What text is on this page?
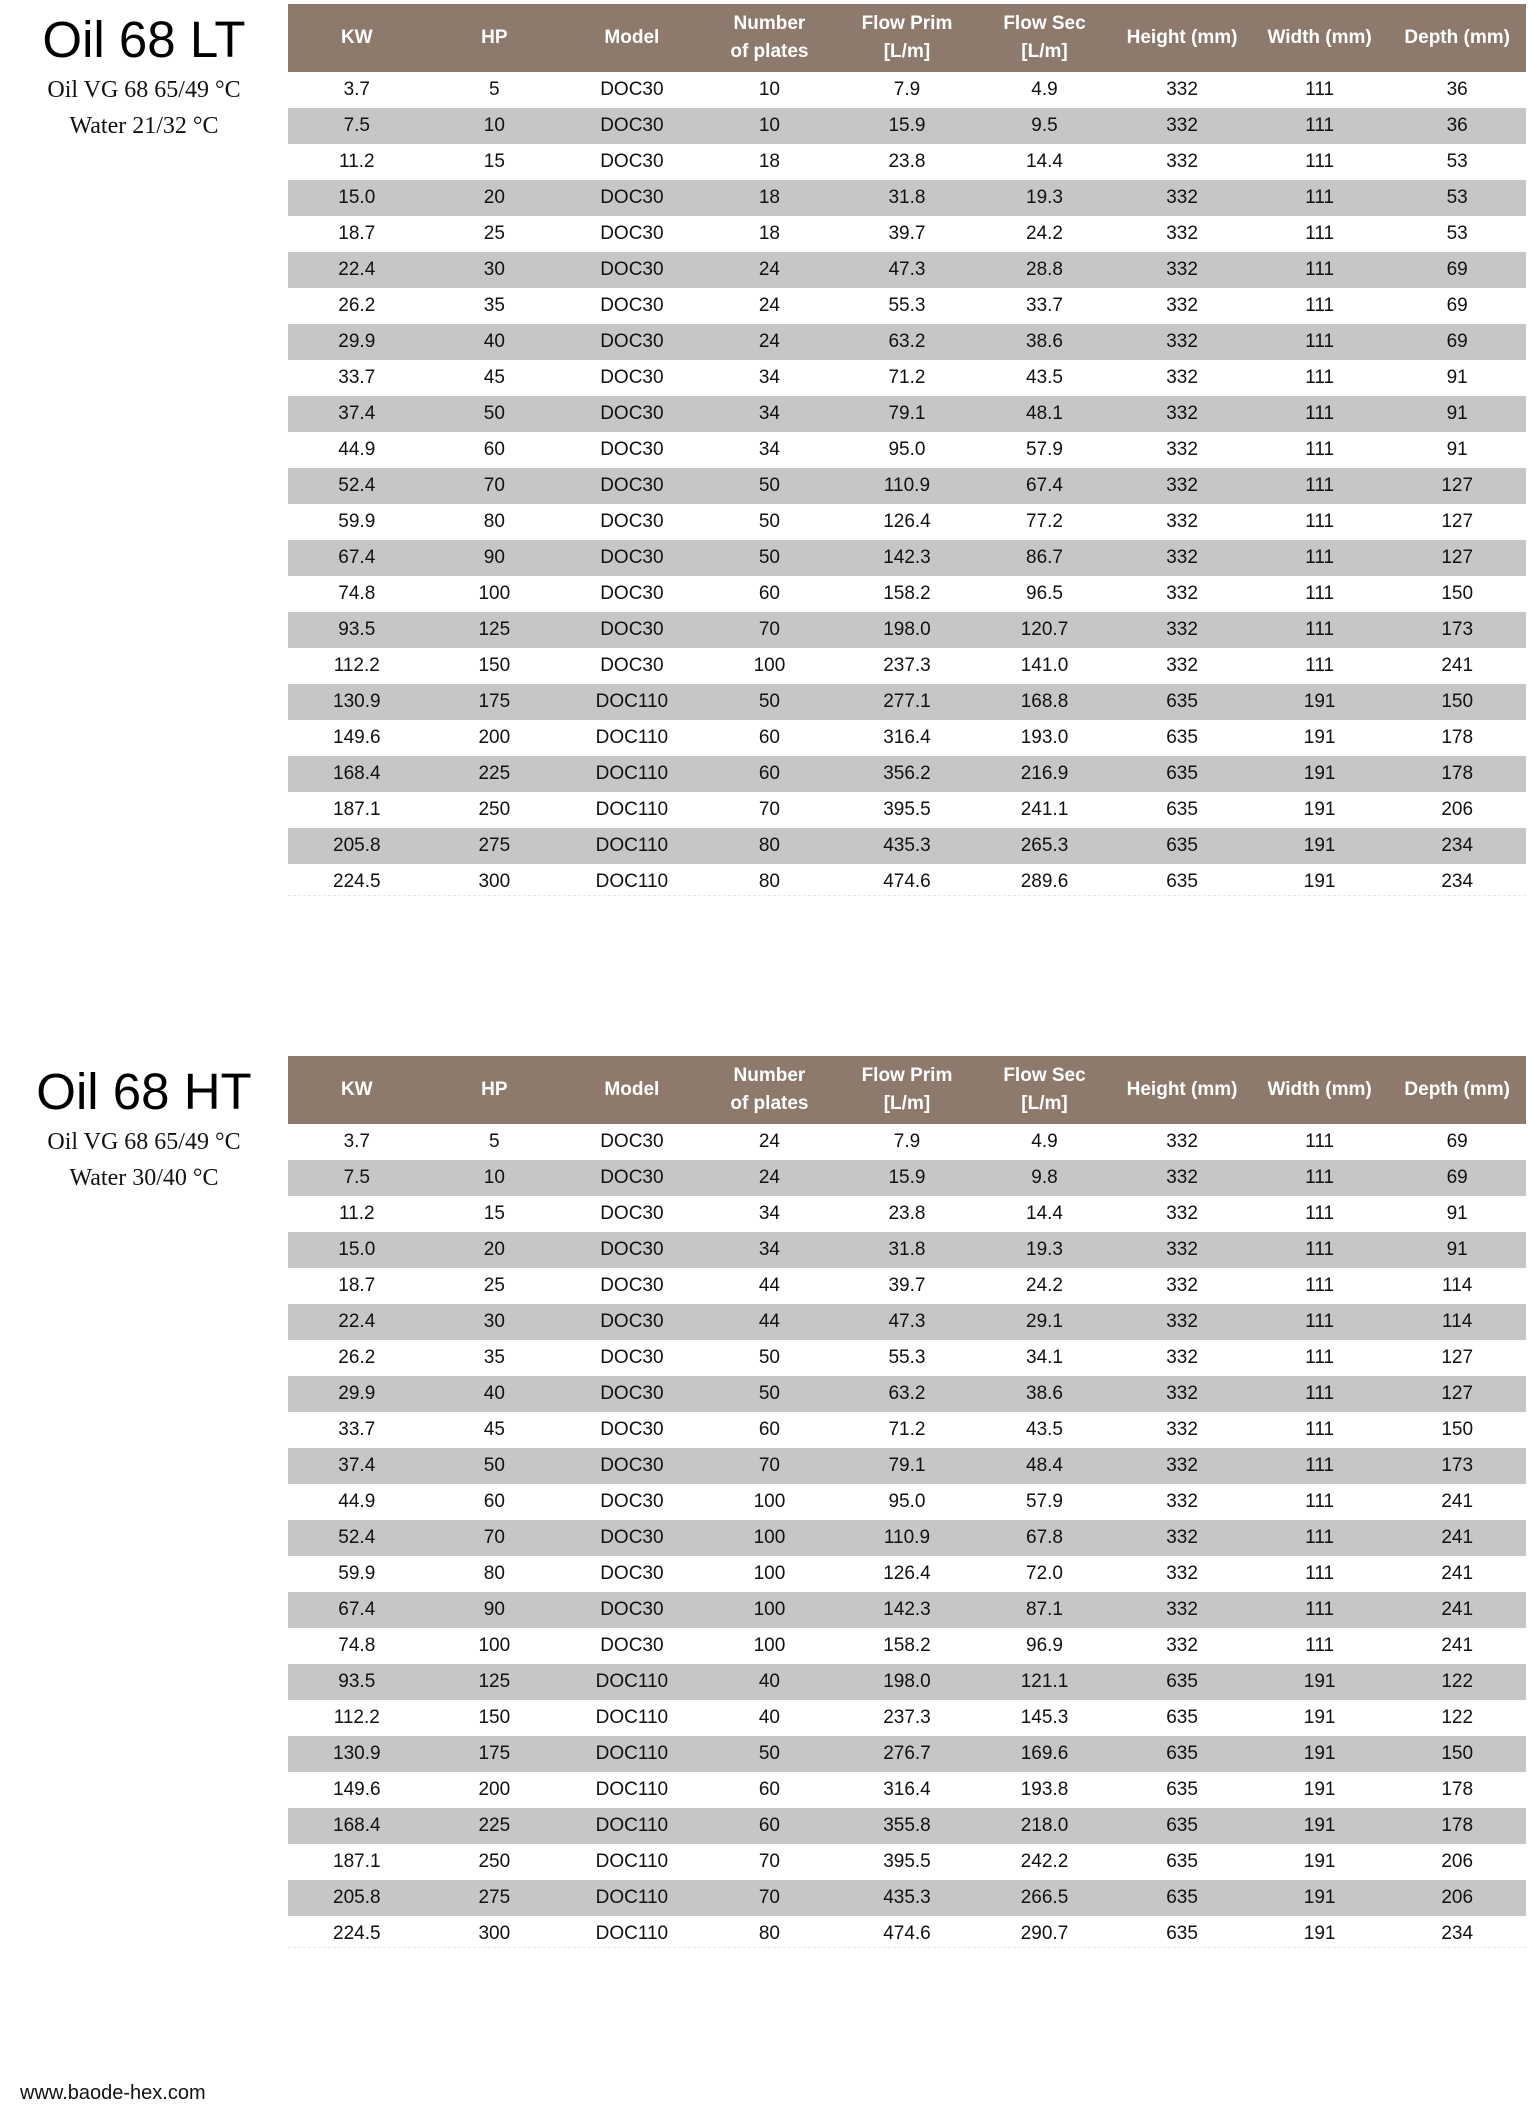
Oil 68 LT
Oil VG 68 65/49 °C
Water 21/32 °C
KW	HP	Model	Number of plates	Flow Prim [L/m]	Flow Sec [L/m]	Height (mm)	Width (mm)	Depth (mm)
3.7	5	DOC30	10	7.9	4.9	332	111	36
7.5	10	DOC30	10	15.9	9.5	332	111	36
11.2	15	DOC30	18	23.8	14.4	332	111	53
15.0	20	DOC30	18	31.8	19.3	332	111	53
18.7	25	DOC30	18	39.7	24.2	332	111	53
22.4	30	DOC30	24	47.3	28.8	332	111	69
26.2	35	DOC30	24	55.3	33.7	332	111	69
29.9	40	DOC30	24	63.2	38.6	332	111	69
33.7	45	DOC30	34	71.2	43.5	332	111	91
37.4	50	DOC30	34	79.1	48.1	332	111	91
44.9	60	DOC30	34	95.0	57.9	332	111	91
52.4	70	DOC30	50	110.9	67.4	332	111	127
59.9	80	DOC30	50	126.4	77.2	332	111	127
67.4	90	DOC30	50	142.3	86.7	332	111	127
74.8	100	DOC30	60	158.2	96.5	332	111	150
93.5	125	DOC30	70	198.0	120.7	332	111	173
112.2	150	DOC30	100	237.3	141.0	332	111	241
130.9	175	DOC110	50	277.1	168.8	635	191	150
149.6	200	DOC110	60	316.4	193.0	635	191	178
168.4	225	DOC110	60	356.2	216.9	635	191	178
187.1	250	DOC110	70	395.5	241.1	635	191	206
205.8	275	DOC110	80	435.3	265.3	635	191	234
224.5	300	DOC110	80	474.6	289.6	635	191	234
Oil 68 HT
Oil VG 68 65/49 °C
Water 30/40 °C
KW	HP	Model	Number of plates	Flow Prim [L/m]	Flow Sec [L/m]	Height (mm)	Width (mm)	Depth (mm)
3.7	5	DOC30	24	7.9	4.9	332	111	69
7.5	10	DOC30	24	15.9	9.8	332	111	69
11.2	15	DOC30	34	23.8	14.4	332	111	91
15.0	20	DOC30	34	31.8	19.3	332	111	91
18.7	25	DOC30	44	39.7	24.2	332	111	114
22.4	30	DOC30	44	47.3	29.1	332	111	114
26.2	35	DOC30	50	55.3	34.1	332	111	127
29.9	40	DOC30	50	63.2	38.6	332	111	127
33.7	45	DOC30	60	71.2	43.5	332	111	150
37.4	50	DOC30	70	79.1	48.4	332	111	173
44.9	60	DOC30	100	95.0	57.9	332	111	241
52.4	70	DOC30	100	110.9	67.8	332	111	241
59.9	80	DOC30	100	126.4	72.0	332	111	241
67.4	90	DOC30	100	142.3	87.1	332	111	241
74.8	100	DOC30	100	158.2	96.9	332	111	241
93.5	125	DOC110	40	198.0	121.1	635	191	122
112.2	150	DOC110	40	237.3	145.3	635	191	122
130.9	175	DOC110	50	276.7	169.6	635	191	150
149.6	200	DOC110	60	316.4	193.8	635	191	178
168.4	225	DOC110	60	355.8	218.0	635	191	178
187.1	250	DOC110	70	395.5	242.2	635	191	206
205.8	275	DOC110	70	435.3	266.5	635	191	206
224.5	300	DOC110	80	474.6	290.7	635	191	234
www.baode-hex.com
